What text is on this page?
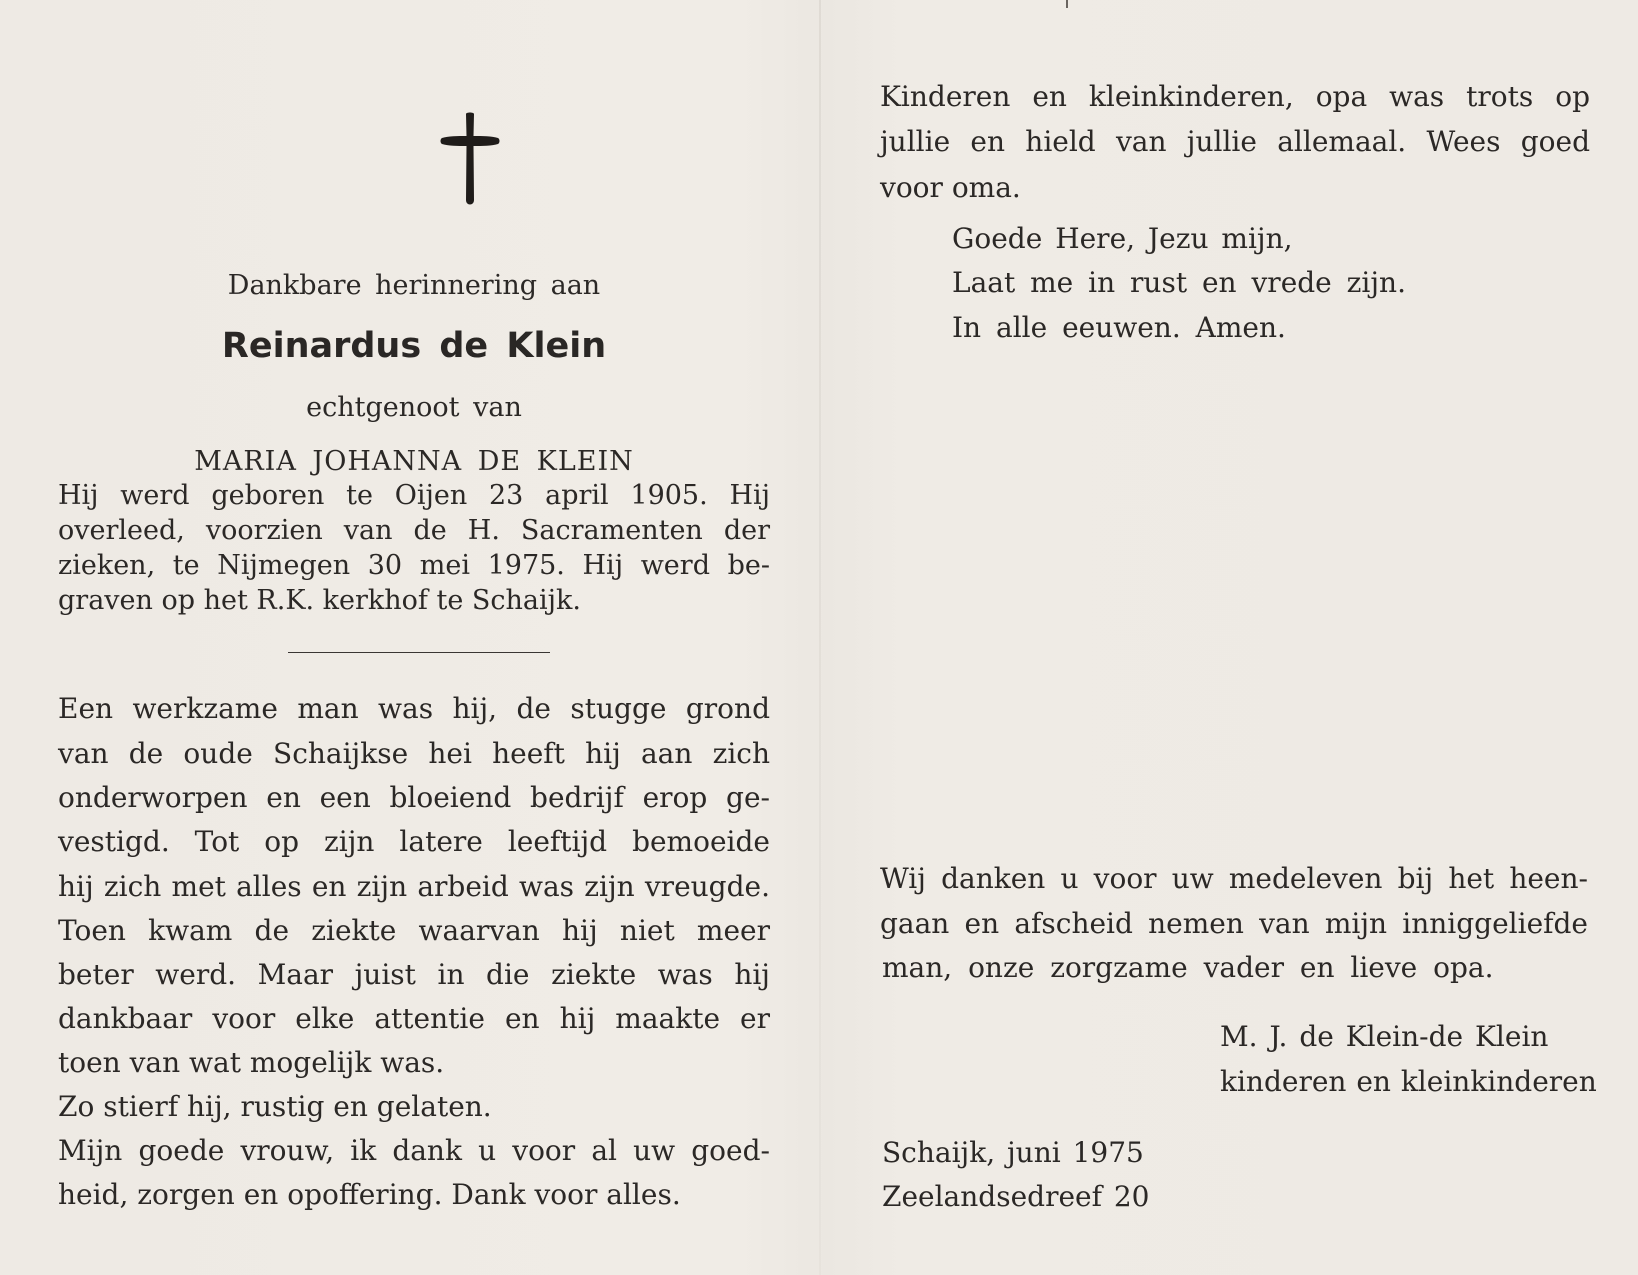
Dankbare herinnering aan
Reinardus de Klein
echtgenoot van
MARIA JOHANNA DE KLEIN
Hij werd geboren te Oijen 23 april 1905. Hij
overleed, voorzien van de H. Sacramenten der
zieken, te Nijmegen 30 mei 1975. Hij werd be-
graven op het R.K. kerkhof te Schaijk.
Een werkzame man was hij, de stugge grond
van de oude Schaijkse hei heeft hij aan zich
onderworpen en een bloeiend bedrijf erop ge-
vestigd. Tot op zijn latere leeftijd bemoeide
hij zich met alles en zijn arbeid was zijn vreugde.
Toen kwam de ziekte waarvan hij niet meer
beter werd. Maar juist in die ziekte was hij
dankbaar voor elke attentie en hij maakte er
toen van wat mogelijk was.
Zo stierf hij, rustig en gelaten.
Mijn goede vrouw, ik dank u voor al uw goed-
heid, zorgen en opoffering. Dank voor alles.
Kinderen en kleinkinderen, opa was trots op
jullie en hield van jullie allemaal. Wees goed
voor oma.
Goede Here, Jezu mijn,
Laat me in rust en vrede zijn.
In alle eeuwen. Amen.
Wij danken u voor uw medeleven bij het heen-
gaan en afscheid nemen van mijn inniggeliefde
man, onze zorgzame vader en lieve opa.
M. J. de Klein-de Klein
kinderen en kleinkinderen
Schaijk, juni 1975
Zeelandsedreef 20
